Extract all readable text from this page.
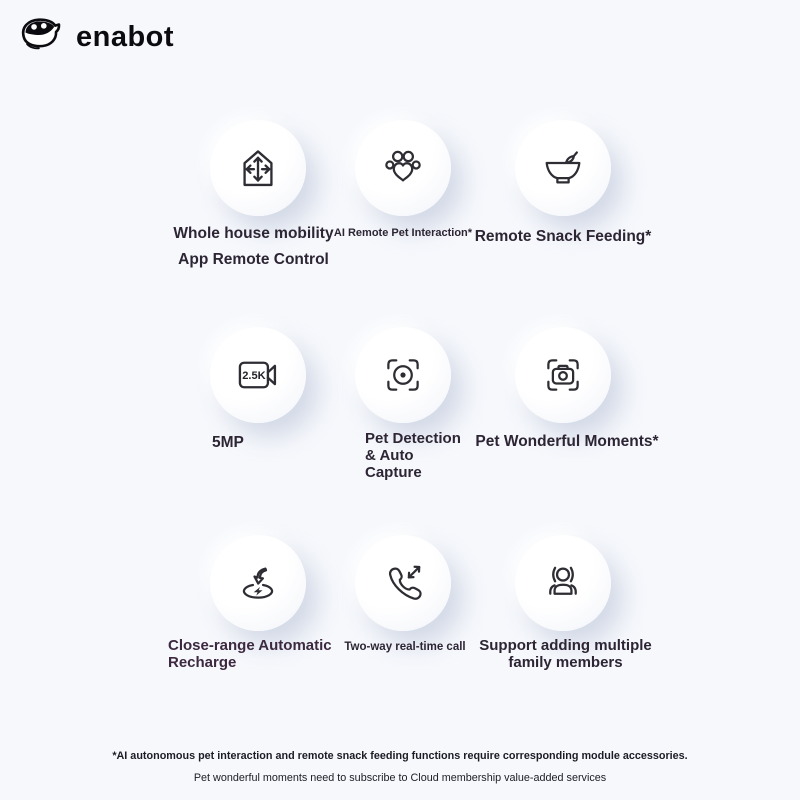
enabot
Whole house mobility
App Remote Control
AI Remote Pet Interaction* Remote Snack Feeding*
2.5K
5MP	Pet Detection
& Auto
Capture
Pet Wonderful Moments*
Close-range Automatic
Recharge
Two-way real-time call Support adding multiple
family members
*AI autonomous pet interaction and remote snack feeding functions require corresponding module accessories.
Pet wonderful moments need to subscribe to Cloud membership value-added services
